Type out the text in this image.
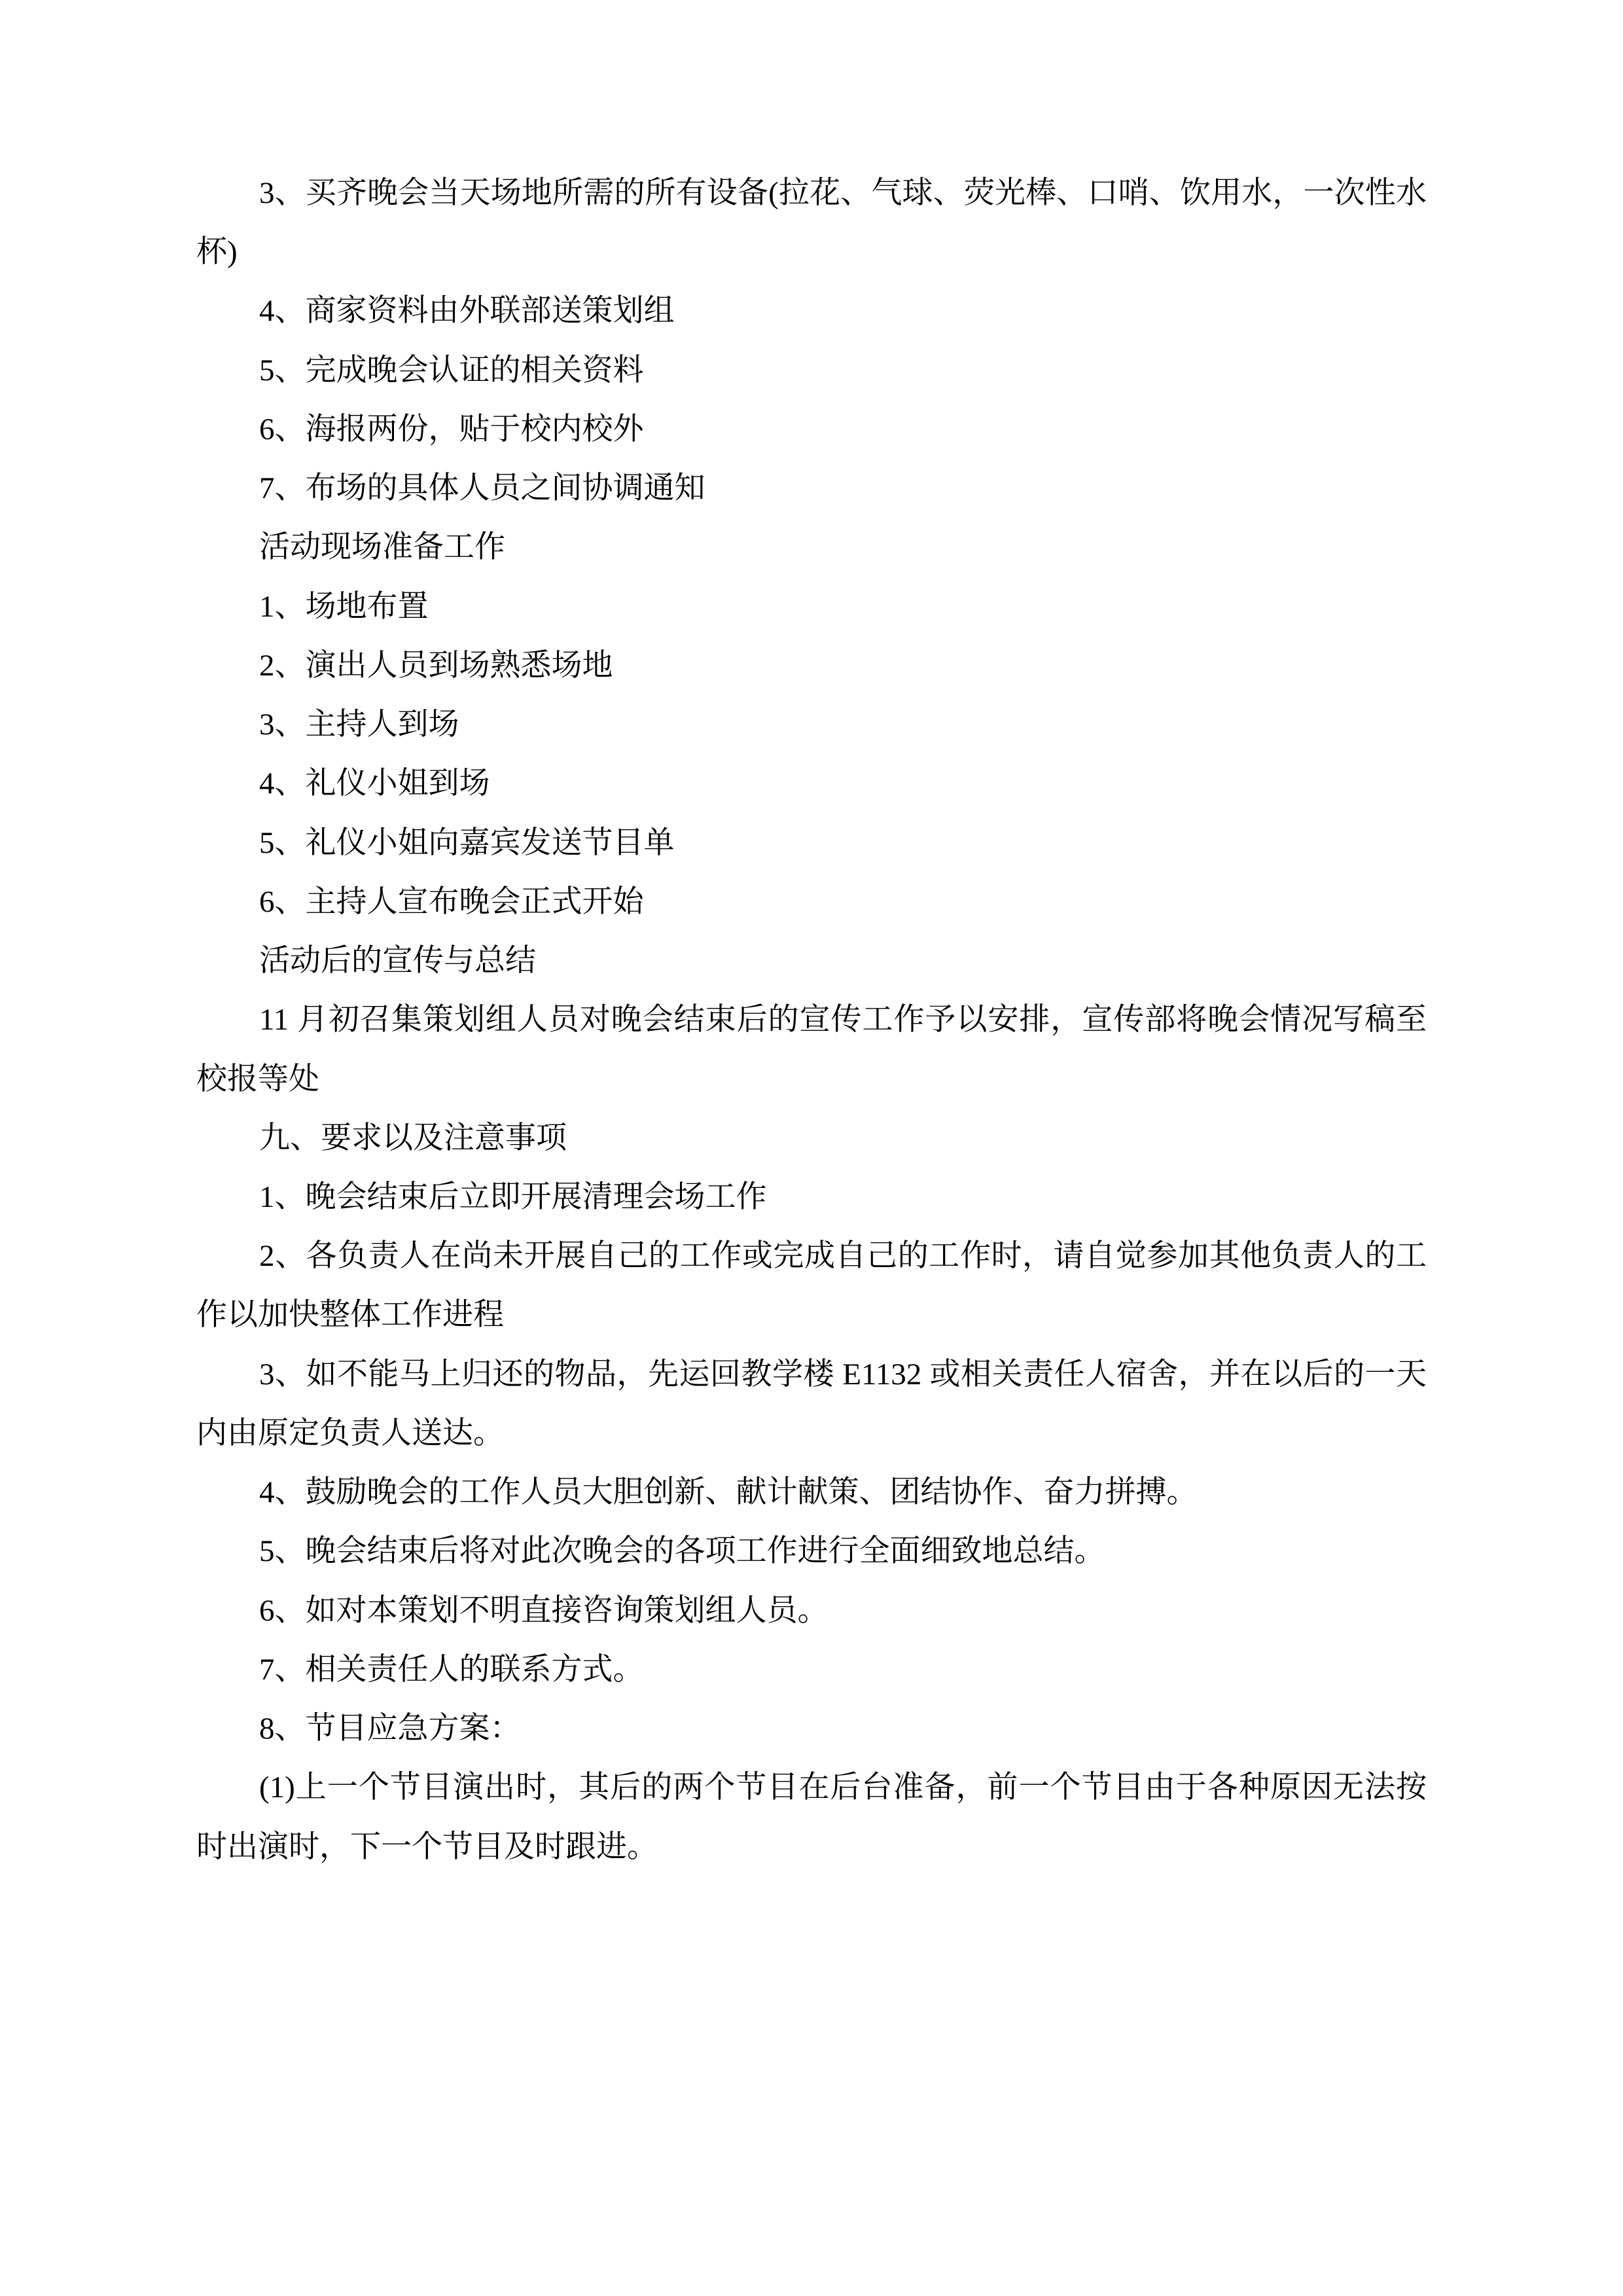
3、买齐晚会当天场地所需的所有设备(拉花、气球、荧光棒、口哨、饮用水，一次性水杯)

4、商家资料由外联部送策划组

5、完成晚会认证的相关资料

6、海报两份，贴于校内校外

7、布场的具体人员之间协调通知

活动现场准备工作

1、场地布置

2、演出人员到场熟悉场地

3、主持人到场

4、礼仪小姐到场

5、礼仪小姐向嘉宾发送节目单

6、主持人宣布晚会正式开始

活动后的宣传与总结

11 月初召集策划组人员对晚会结束后的宣传工作予以安排，宣传部将晚会情况写稿至校报等处

九、要求以及注意事项

1、晚会结束后立即开展清理会场工作

2、各负责人在尚未开展自己的工作或完成自己的工作时，请自觉参加其他负责人的工作以加快整体工作进程

3、如不能马上归还的物品，先运回教学楼 E1132 或相关责任人宿舍，并在以后的一天内由原定负责人送达。

4、鼓励晚会的工作人员大胆创新、献计献策、团结协作、奋力拼搏。

5、晚会结束后将对此次晚会的各项工作进行全面细致地总结。

6、如对本策划不明直接咨询策划组人员。

7、相关责任人的联系方式。

8、节目应急方案：

(1)上一个节目演出时，其后的两个节目在后台准备，前一个节目由于各种原因无法按时出演时，下一个节目及时跟进。
